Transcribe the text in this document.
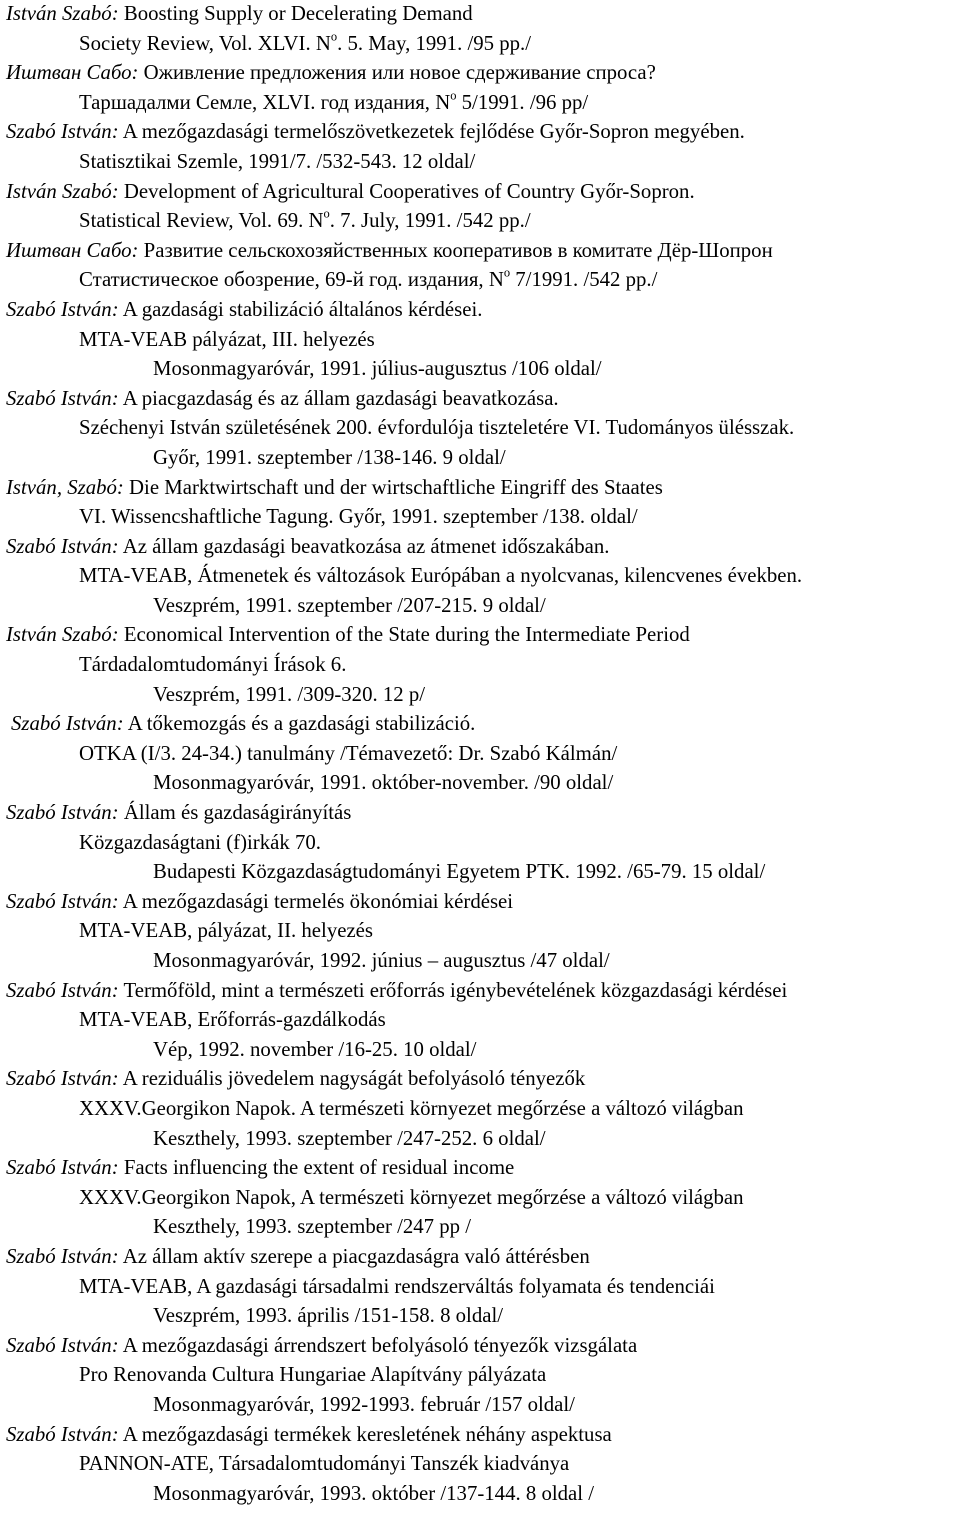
István Szabó: Boosting Supply or Decelerating Demand
Society Review, Vol. XLVI. $N^o$. 5. May, 1991. /95 pp./
Иштван Сабо: Оживление предложения или новое сдерживание спроса?
Таршадалми Семле, XLVI. год издания, $N^o$ 5/1991. /96 pp/
Szabó István: A mezőgazdasági termelőszövetkezetek fejlődése Győr-Sopron megyében.
Statisztikai Szemle, 1991/7. /532-543. 12 oldal/
István Szabó: Development of Agricultural Cooperatives of Country Győr-Sopron.
Statistical Review, Vol. 69. $N^o$. 7. July, 1991. /542 pp./
Иштван Сабо: Развитие сельскохозяйственных кооперативов в комитате Дёр-Шопрон
Статистическое обозрение, 69-й год. издания, $N^o$ 7/1991. /542 pp./
Szabó István: A gazdasági stabilizáció általános kérdései.
MTA-VEAB pályázat, III. helyezés
Mosonmagyaróvár, 1991. július-augusztus /106 oldal/
Szabó István: A piacgazdaság és az állam gazdasági beavatkozása.
Széchenyi István születésének 200. évfordulója tiszteletére VI. Tudományos ülésszak.
Győr, 1991. szeptember /138-146. 9 oldal/
István, Szabó: Die Marktwirtschaft und der wirtschaftliche Eingriff des Staates
VI. Wissencshaftliche Tagung. Győr, 1991. szeptember /138. oldal/
Szabó István: Az állam gazdasági beavatkozása az átmenet időszakában.
MTA-VEAB, Átmenetek és változások Európában a nyolcvanas, kilencvenes években.
Veszprém, 1991. szeptember /207-215. 9 oldal/
István Szabó: Economical Intervention of the State during the Intermediate Period
Tárdadalomtudományi Írások 6.
Veszprém, 1991. /309-320. 12 p/
Szabó István: A tőkemozgás és a gazdasági stabilizáció.
OTKA (I/3. 24-34.) tanulmány /Témavezető: Dr. Szabó Kálmán/
Mosonmagyaróvár, 1991. október-november. /90 oldal/
Szabó István: Állam és gazdaságirányítás
Közgazdaságtani (f)irkák 70.
Budapesti Közgazdaságtudományi Egyetem PTK. 1992. /65-79. 15 oldal/
Szabó István: A mezőgazdasági termelés ökonómiai kérdései
MTA-VEAB, pályázat, II. helyezés
Mosonmagyaróvár, 1992. június – augusztus /47 oldal/
Szabó István: Termőföld, mint a természeti erőforrás igénybevételének közgazdasági kérdései
MTA-VEAB, Erőforrás-gazdálkodás
Vép, 1992. november /16-25. 10 oldal/
Szabó István: A reziduális jövedelem nagyságát befolyásoló tényezők
XXXV.Georgikon Napok. A természeti környezet megőrzése a változó világban
Keszthely, 1993. szeptember /247-252. 6 oldal/
Szabó István: Facts influencing the extent of residual income
XXXV.Georgikon Napok, A természeti környezet megőrzése a változó világban
Keszthely, 1993. szeptember /247 pp /
Szabó István: Az állam aktív szerepe a piacgazdaságra való áttérésben
MTA-VEAB, A gazdasági társadalmi rendszerváltás folyamata és tendenciái
Veszprém, 1993. április /151-158. 8 oldal/
Szabó István: A mezőgazdasági árrendszert befolyásoló tényezők vizsgálata
Pro Renovanda Cultura Hungariae Alapítvány pályázata
Mosonmagyaróvár, 1992-1993. február /157 oldal/
Szabó István: A mezőgazdasági termékek keresletének néhány aspektusa
PANNON-ATE, Társadalomtudományi Tanszék kiadványa
Mosonmagyaróvár, 1993. október /137-144. 8 oldal /
